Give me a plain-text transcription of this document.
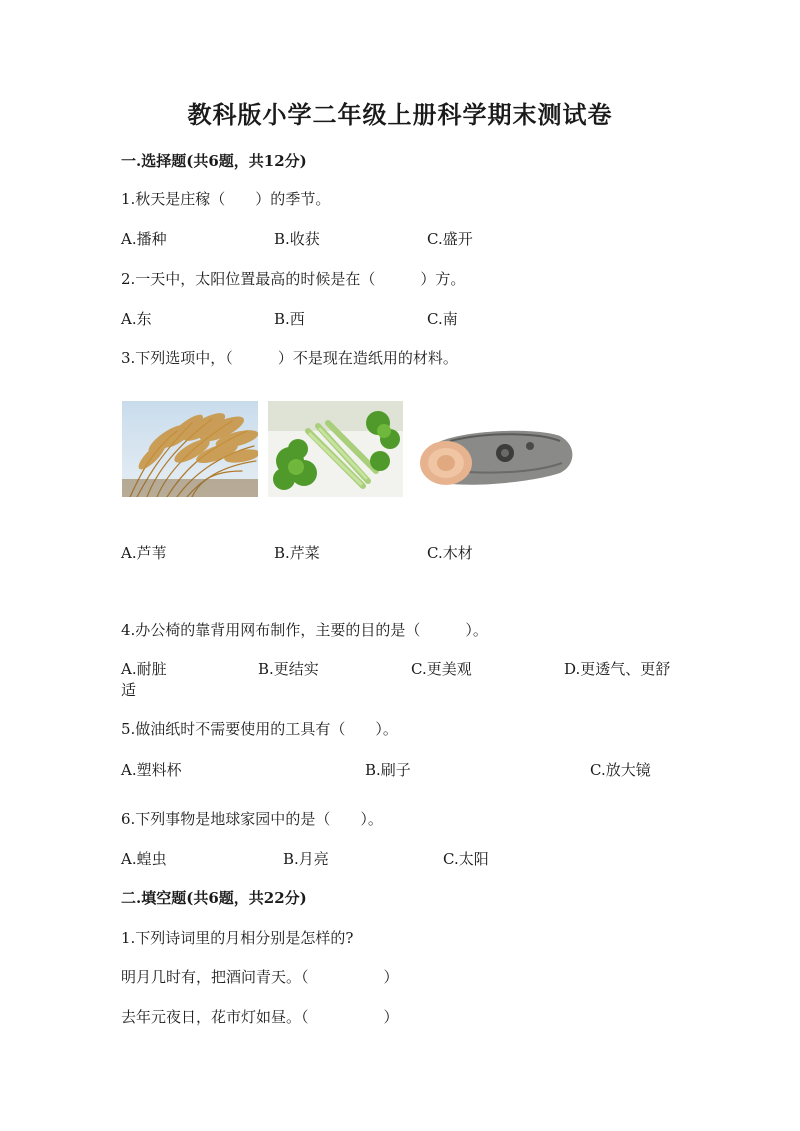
教科版小学二年级上册科学期末测试卷
一.选择题(共6题，共12分)
1.秋天是庄稼（　　）的季节。
A.播种	B.收获	C.盛开
2.一天中，太阳位置最高的时候是在（　　　）方。
A.东	B.西	C.南
3.下列选项中，（　　　）不是现在造纸用的材料。
A.芦苇	B.芹菜	C.木材
4.办公椅的靠背用网布制作，主要的目的是（　　　）。
A.耐脏	B.更结实	C.更美观	D.更透气、更舒
适
5.做油纸时不需要使用的工具有（　　）。
A.塑料杯	B.刷子	C.放大镜
6.下列事物是地球家园中的是（　　）。
A.蝗虫	B.月亮	C.太阳
二.填空题(共6题，共22分)
1.下列诗词里的月相分别是怎样的?
明月几时有，把酒问青天。（　　　　　）
去年元夜日，花市灯如昼。（　　　　　）
